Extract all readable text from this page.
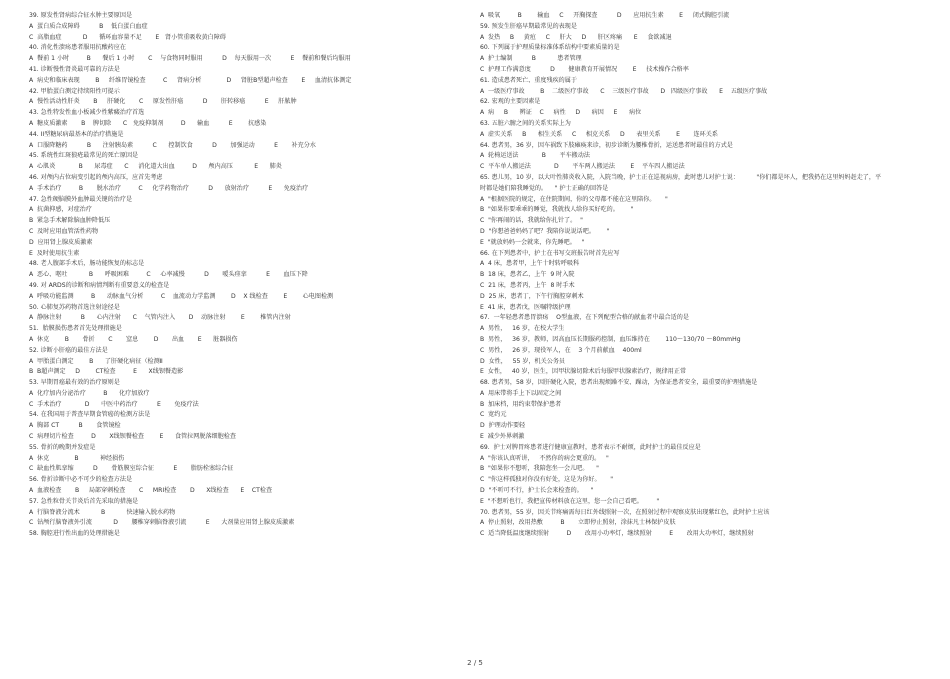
39. 原发性肾病综合征水肿主要原因是
A  蛋白质合成障碍          B    低白蛋白血症
C  高脂血症           D      循环血容量不足       E   肾小管重吸收黄白障碍
40. 消化性溃疡患者服用抗酸药应在
A  餐前 1 小时         B      餐后 1 小时       C    与食物同时服用          D    每天服用一次          E    餐前和餐后均服用
41. 诊断慢性肾炎最可靠的方法是
A  病史和临床表现        B     纤维胃镜检查         C     肾病分析             D     肾脏B型超声检查       E     血清抗体测定
42. 甲胎蛋白测定持续阳性可提示
A  慢性活动性肝炎       B     肝硬化       C     原发性肝癌          D       肝转移癌          E     肝脓肿
43. 急性特发性血小板减少性紫癜治疗首选
A  糖皮质激素       B    脾切除      C   免疫抑制剂         D      输血          E        抗感染
44. II型糖尿病最基本的治疗措施是
A  口服降糖药          B      注射胰岛素          C      控制饮食          D       加强运动          E       补充分水
45. 系统性红斑狼疮最常见的死亡原因是
A  心肌炎            B      尿毒症      C     消化道大出血         D      颅内高压           E      肺炎
46. 对颅内占位病变引起的颅内高压，应首先考虑
A  手术治疗         B       脱水治疗         C     化学药物治疗          D      放射治疗          E      免疫治疗
47. 急性硬脑膜外血肿最关键的治疗是
A  抗菌抑感，对症治疗
B  紧急手术解除脑血肿降低压
C  及时应用血管活性药物
D  应用肾上腺皮质激素
E  及时使用抗生素
48. 老人腹部手术后，肠功能恢复的标志是
A  恶心、呕吐           B      呼吸困难         C     心率减慢          D       嗳头痉挛          E       血压下降
49. 对 ARDS的诊断和病情判断有重要意义的检查是
A  呼吸功能监测         B      动脉血气分析         C    血流动力学监测        D    X 线检查        E        心电图检测
50. 心肺复苏药物首选注射途径是
A  静脉注射          B      心内注射      C    气管内注入       D    动脉注射        E        椎管内注射
51.  胎膜损伤患者首先处理措施是
A  休克        B       骨折       C       窒息        D       出血       E      脏器损伤
52. 诊断小肝癌的最佳方法是
A  甲胎蛋白测定        B      了肝硬化病征（检测Ⅱ
B  B超声测定     D        CT检查         E      X线钡餐造影
53. 早期胃癌最有效的治疗原则是
A  化疗加内分泌治疗         B      化疗加放疗
C  手术治疗            D      中医中药治疗          E       免疫疗法
54. 在我国用于普查早期食管癌的检测方法是
A  胸部 CT          B       食管镜检
C  病理切片检查         D       X线钡餐检查        E      食管拉网脱落细胞检查
55. 骨折的晚期并发症是
A  休克             B           神经损伤
C  缺血性肌挛缩          D       骨筋膜室综合征          E       脂肪栓塞综合征
56. 骨折诊断中必不可少的检查方法是
A  血液检查       B     局部穿刺检查       C     MRI检查       D      X线检查      E    CT检查
57. 急性粒骨关节炎后首先采取的措施是
A  行脑脊液分流术           B           快速输入脱水药物
C  钻颅行脑脊液外引流           D       腰椎穿刺脑脊液引流          E      大剂量应用肾上腺皮质激素
58. 胸腔进行性出血的处理措施是
A  吸氧         B        输血     C     开胸探查          D      应用抗生素        E     闭式胸腔引流
59. 预发生肝癌早期最常见的表现是
A  发热     B     黄疸     C     肝大     D      肝区疼痛      E     食欲减退
60. 下列属于护理质量标准体系结构中要素质量的是
A  护士编制          B           患者管理
C  护理工作满意度          D       健康教育开展情况        E     技术操作合格率
61. 造成患者死亡、重度残疾的属于
A  一级医疗事故        B    二级医疗事故      C    三级医疗事故      D   四级医疗事故      E    五级医疗事故
62. 宏观的主要因素是
A  病     B      辨证    C     病性     D      病因     E      病位
63. 五脏六腑之间的关系实际上为
A  虚实关系     B      相生关系     C     相克关系     D      表里关系        E       连环关系
64. 患者男，36 岁，因车祸致下肢瘫痪来诊，初步诊断为腰椎骨折，运送患者时最佳的方式是
A  轮椅运送法            B       平车搬动法
C  平车单人搬运法            D       平车两人搬运法        E    平车四人搬运法
65. 患儿男，10 岁，以大叶性肺炎收入院，入院当晚，护士正在巡视病房，此时患儿对护士说：         "你们都是坏人，把我扔在这里妈妈赶走了，平
时都是她们陪我睡觉的。    " 护士正确的回答是
A  "根据医院的规定，在住院期间，你的父母都不能在这里陪你。     "
B  "如果你要乖乖的睡觉，我就找人给你买好吃的。      "
C  "你再闹的话，我就给你扎针了。  "
D  "你想爸爸妈妈了吧？我陪你说说话吧。      "
E  "就放妈妈一会就来，你先睡吧。   "
66. 在下列患者中，护士在书写交班报告时首先应写
A  4 床，患者甲，上午十时转呼吸科
B  18 床，患者乙，上午  9 时入院
C  21 床，患者丙，上午  8 时手术
D  25 床，患者丁，下午行胸腔穿刺术
E  41 床，患者戊，医嘱特级护理
67.  一年轻患者患胃溃疡    O型血液，在下列配型合格的献血者中最合适的是
A  男性，   16 岁，在校大学生
B  男性，   36 岁，教师，因高血压长期服药控制，血压维持在        110～130/70 ～80mmHg
C  男性，   26 岁，现役军人，在    3 个月前献血    400ml
D  女性，   55 岁，机关公务员
E  女性，   40 岁，医生，因甲状腺切除术后每服甲状腺素治疗，规律用正常
68. 患者男，58 岁，因肝硬化入院，患者出现烦躁不安、躁动，为保证患者安全，最重要的护理措施是
A  用床带将手上下以固定之间
B  加床档，用约束带保护患者
C  宽约元
D  护理动作要轻
E  减少外界刺激
69.  护士对脾胃疼患者进行健康宣教时，患者表示不耐烦，此时护士的最佳反应是
A  "你该认真听讲，   不然你的病会更重的。   "
B  "如果你不想听，我陪您坐一会儿吧。    "
C  "你这样孤独对你没有好处，这是为你好。     "
D  "不听可不行，护士长会来检查的。    "
E  "不想听也行，我把宣传材料放在这里，您一会自己看吧。       "
70. 患者男，55 岁，因关节疼痛需每日红外线照射一次，在照射过程中观察皮肤出现紫红色，此时护士应该
A  停止照射，改用热敷         B       立即停止照射，涂抹凡士林保护皮肤
C  适当降低温度继续照射         D       改用小功率灯，继续照射         E       改用大功率灯，继续照射
2 / 5
